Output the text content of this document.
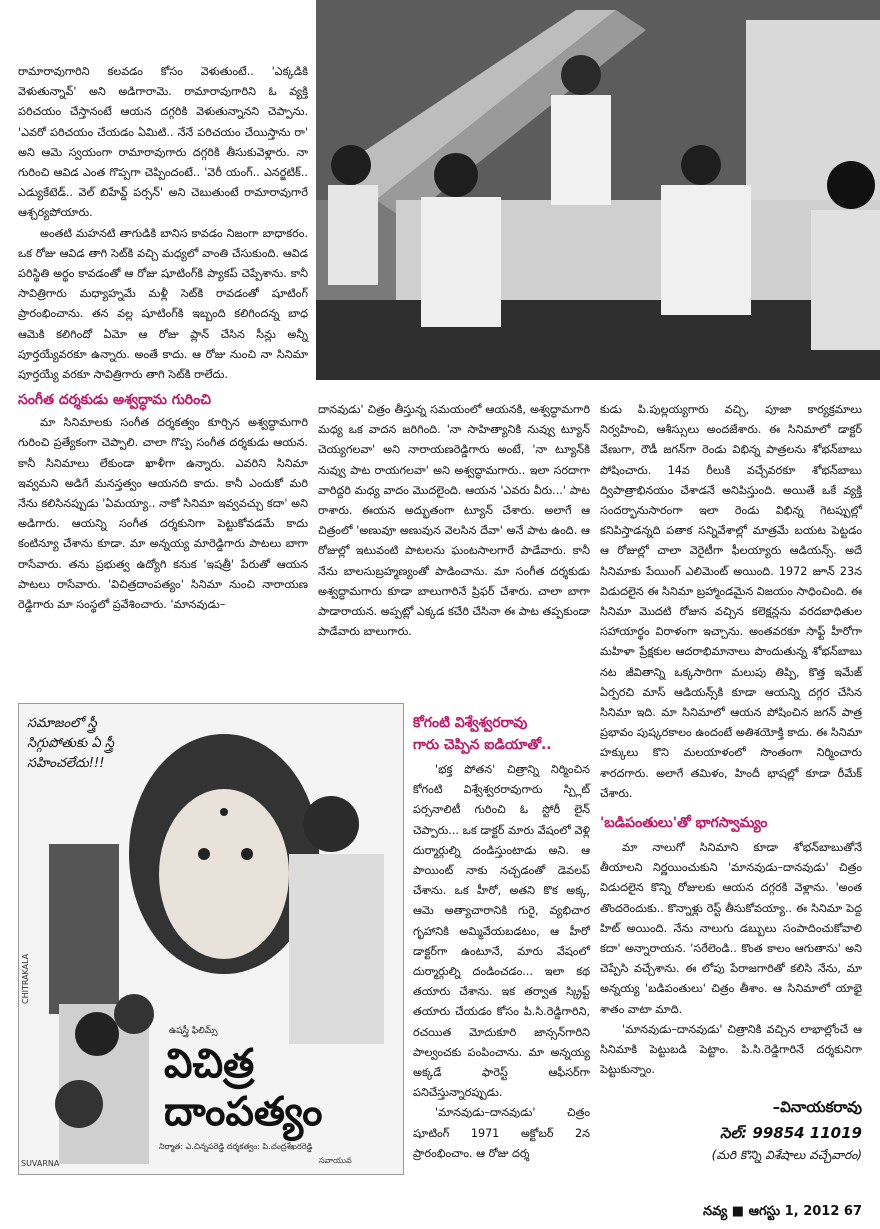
రామారావుగారిని కలవడం కోసం వెళుతుంటే.. 'ఎక్కడికి వెళుతున్నావ్' అని అడిగారామె. రామారావుగారిని ఓ వ్యక్తి పరిచయం చేస్తానంటే ఆయన దగ్గరికి వెళుతున్నానని చెప్పాను. 'ఎవరో పరిచయం చేయడం ఏమిటి.. నేనే పరిచయం చేయిస్తాను రా' అని ఆమె స్వయంగా రామారావుగారు దగ్గరికి తీసుకువెళ్లారు. నా గురించి ఆవిడ ఎంత గొప్పగా చెప్పిందంటే.. 'వెరీ యంగ్.. ఎనర్జటిక్.. ఎడ్యుకేటెడ్.. వెల్ బిహేవ్డ్ పర్సన్' అని చెబుతుంటే రామారావుగారే ఆశ్చర్యపోయారు.

అంతటి మహనటి తాగుడికి బానిస కావడం నిజంగా బాధాకరం. ఒక రోజు ఆవిడ తాగి సెట్‌కి వచ్చి మధ్యలో వాంతి చేసుకుంది. ఆవిడ పరిస్థితి అర్థం కావడంతో ఆ రోజు షూటింగ్‌కి ప్యాకప్ చెప్పేశాను. కానీ సావిత్రిగారు మధ్యాహ్నమే మళ్లీ సెట్‌కి రావడంతో షూటింగ్ ప్రారంభించాను. తన వల్ల షూటింగ్‌కి ఇబ్బంది కలిగిందన్న బాధ ఆమెకి కలిగిందో ఏమో ఆ రోజు ప్లాన్ చేసిన సీన్లు అన్నీ పూర్తయ్యేవరకూ ఉన్నారు. అంతే కాదు. ఆ రోజు నుంచి నా సినిమా పూర్తయ్యే వరకూ సావిత్రిగారు తాగి సెట్‌కి రాలేదు.

సంగీత దర్శకుడు అశ్వద్ధామ గురించి

మా సినిమాలకు సంగీత దర్శకత్వం కూర్చిన అశ్వద్ధామగారి గురించి ప్రత్యేకంగా చెప్పాలి. చాలా గొప్ప సంగీత దర్శకుడు ఆయన. కానీ సినిమాలు లేకుండా ఖాళీగా ఉన్నారు. ఎవరిని సినిమా ఇవ్వమని అడిగే మనస్తత్వం ఆయనది కాదు. కానీ ఎందుకో మరి నేను కలిసినప్పుడు 'ఏమయ్యా.. నాకో సినిమా ఇవ్వవచ్చు కదా' అని అడిగారు. ఆయన్ని సంగీత దర్శకునిగా పెట్టుకోవడమే కాదు కంటిన్యూ చేశాను కూడా. మా అన్నయ్య మారెడ్డిగారు పాటలు బాగా రాసేవారు. తను ప్రభుత్వ ఉద్యోగి కనుక 'ఇషత్రీ' పేరుతో ఆయన పాటలు రాసేవారు. 'విచిత్రదాంపత్యం' సినిమా నుంచి నారాయణ రెడ్డిగారు మా సంస్థలో ప్రవేశించారు. 'మానవుడు–

దానవుడు' చిత్రం తీస్తున్న సమయంలో ఆయనకి, అశ్వద్ధామగారి మధ్య ఒక వాదన జరిగింది. 'నా సాహిత్యానికి నువ్వు ట్యూన్ చెయ్యగలవా' అని నారాయణరెడ్డిగారు అంటే, 'నా ట్యూన్‌కి నువ్వు పాట రాయగలవా' అని అశ్వద్ధామగారు.. ఇలా సరదాగా వారిద్దరి మధ్య వాదం మొదలైంది. ఆయన 'ఎవరు వీరు...' పాట రాశారు. ఈయన అద్భుతంగా ట్యూన్ చేశారు. అలాగే ఆ చిత్రంలో 'అణువూ అణువున వెలసిన దేవా' అనే పాట ఉంది. ఆ రోజుల్లో ఇటువంటి పాటలను ఘంటసాలగారే పాడేవారు. కానీ నేను బాలసుబ్రహ్మణ్యంతో పాడించాను. మా సంగీత దర్శకుడు అశ్వద్ధామగారు కూడా బాలుగారినే ప్రిఫర్ చేశారు. చాలా బాగా పాడారాయన. అప్పట్లో ఎక్కడ కచేరి చేసినా ఈ పాట తప్పకుండా పాడేవారు బాలుగారు.

కోగంటి విశ్వేశ్వరరావు
గారు చెప్పిన ఐడియాతో..

'భక్త పోతన' చిత్రాన్ని నిర్మించిన కోగంటి విశ్వేశ్వరరావుగారు స్ప్లిట్ పర్సనాలిటీ గురించి ఓ స్టోరీ లైన్ చెప్పారు... ఒక డాక్టర్ మారు వేషంలో వెళ్లి దుర్మార్గుల్ని దండిస్తుంటాడు అని. ఆ పాయింట్ నాకు నచ్చడంతో డెవలప్ చేశాను. ఒక హీరో, అతని కొక అక్క, ఆమె అత్యాచారానికి గురై, వ్యభిచార గృహానికి అమ్మివేయబడటం, ఆ హీరో డాక్టర్‌గా ఉంటూనే, మారు వేషంలో దుర్మార్గుల్ని దండించడం... ఇలా కథ తయారు చేశాను. ఇక తర్వాత స్క్రిప్ట్ తయారు చేయడం కోసం పి.సి.రెడ్డిగారిని, రచయిత మోదుకూరి జాన్సన్‌గారిని పాల్వంచకు పంపించాను. మా అన్నయ్య అక్కడే ఫారెస్ట్ ఆఫీసర్‌గా పనిచేస్తున్నారప్పుడు.

'మానవుడు–దానవుడు' చిత్రం షూటింగ్ 1971 అక్టోబర్ 2న ప్రారంభించాం. ఆ రోజు దర్శ

కుడు పి.పుల్లయ్యగారు వచ్చి, పూజా కార్యక్రమాలు నిర్వహించి, ఆశీస్సులు అందజేశారు. ఈ సినిమాలో డాక్టర్ వేణుగా, రౌడీ జగన్‌గా రెండు విభిన్న పాత్రలను శోభన్‌బాబు పోషించారు. 14వ రీలుకి వచ్చేవరకూ శోభన్‌బాబు ద్విపాత్రాభినయం చేశాడనే అనిపిస్తుంది. అయితే ఒకే వ్యక్తి సందర్భానుసారంగా ఇలా రెండు విభిన్న గెటప్పుల్లో కనిపిస్తాడన్నది పతాక సన్నివేశాల్లో మాత్రమే బయట పెట్టడం ఆ రోజుల్లో చాలా వెరైటీగా ఫీలయ్యారు ఆడియన్స్. అదే సినిమాకు పేయింగ్ ఎలిమెంట్ అయింది. 1972 జూన్ 23న విడుదలైన ఈ సినిమా బ్రహ్మాండమైన విజయం సాధించింది. ఈ సినిమా మొదటి రోజున వచ్చిన కలెక్షన్లను వరదబాధితుల సహాయార్థం విరాళంగా ఇచ్చాను. అంతవరకూ సాఫ్ట్ హీరోగా మహిళా ప్రేక్షకుల ఆదరాభిమానాలు పొందుతున్న శోభన్‌బాబు నట జీవితాన్ని ఒక్కసారిగా మలుపు తిప్పి, కొత్త ఇమేజ్ ఏర్పరచి మాస్ ఆడియన్స్‌కి కూడా ఆయన్ని దగ్గర చేసిన సినిమా ఇది. మా సినిమాలో ఆయన పోషించిన జగన్ పాత్ర ప్రభావం పుష్కరకాలం ఉందంటే అతిశయోక్తి కాదు. ఈ సినిమా హక్కులు కొని మలయాళంలో సొంతంగా నిర్మించారు శారదగారు. అలాగే తమిళం, హిందీ భాషల్లో కూడా రీమేక్ చేశారు.

'బడిపంతులు'తో భాగస్వామ్యం

మా నాలుగో సినిమాని కూడా శోభన్‌బాబుతోనే తీయాలని నిర్ణయించుకుని 'మానవుడు–దానవుడు' చిత్రం విడుదలైన కొన్ని రోజులకు ఆయన దగ్గరకి వెళ్లాను. 'అంత తొందరెందుకు.. కొన్నాళ్లు రెస్ట్ తీసుకోవయ్యా.. ఈ సినిమా పెద్ద హిట్ అయింది. నేను నాలుగు డబ్బులు సంపాదించుకోవాలి కదా' అన్నారాయన. 'సరేలెండి.. కొంత కాలం ఆగుతాను' అని చెప్పేసి వచ్చేశాను. ఈ లోపు పేరాజగారితో కలిసి నేను, మా అన్నయ్య 'బడిపంతులు' చిత్రం తీశాం. ఆ సినిమాలో యాభై శాతం వాటా మాది.

'మానవుడు–దానవుడు' చిత్రానికి వచ్చిన లాభాల్లోంచే ఆ సినిమాకి పెట్టుబడి పెట్టాం. పి.సి.రెడ్డిగారినే దర్శకునిగా పెట్టుకున్నాం.

–వినాయకరావు
సెల్: 99854 11019
(మరి కొన్ని విశేషాలు వచ్చేవారం)
సమాజంలో స్త్రీ సిగ్గుపోతుకు ఏ స్త్రీ సహించలేదు!!!
ఉషస్త్రీ ఫిలిమ్స్
విచిత్ర దాంపత్యం
నిర్మాత: ఎ.చిన్నపరెడ్డి దర్శకత్వం: పి.చంద్రశేఖరరెడ్డి
CHITRAKALA
SUVARNA	సవాయువ
నవ్య ■ ఆగస్టు 1, 2012 67
